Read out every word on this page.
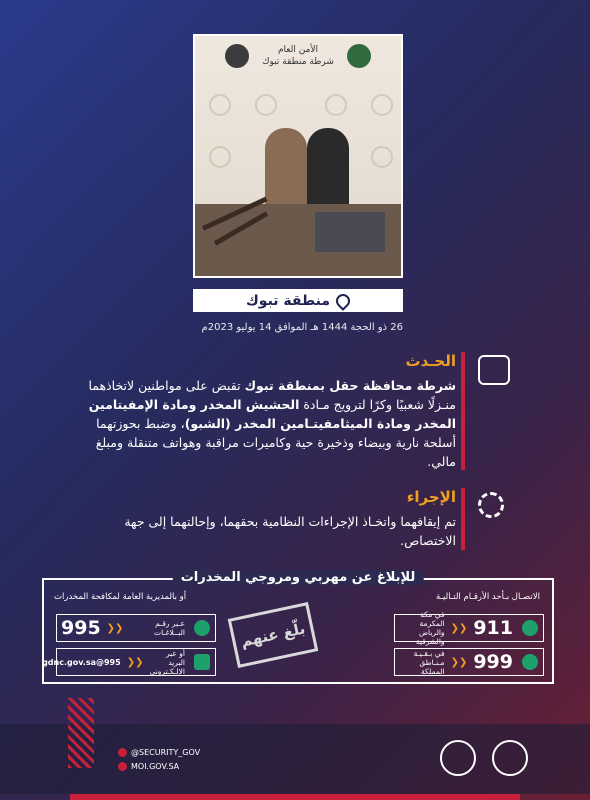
الأمن العام
شرطة منطقة تبوك
منطقة تبوك
26 ذو الحجة 1444 هـ الموافق 14 يوليو 2023م
الحـدث
شرطة محافظة حقل بمنطقة تبوك تقبض على مواطنين لاتخاذهما منـزلًا شعبيًا وكرًا لترويج مـادة الحشيش المخدر ومادة الإمفيتامين المخدر ومادة الميثامفيتـامين المخدر (الشبو)، وضبط بحوزتهما أسلحة نارية وبيضاء وذخيرة حية وكاميرات مراقبة وهواتف متنقلة ومبلغ مالي.
الإجراء
تم إيقافهما واتخـاذ الإجراءات النظامية بحقهما، وإحالتهما إلى جهة الاختصاص.
للإبلاغ عن مهربي ومروجي المخدرات
الاتصـال بـأحد الأرقـام التـاليـة
أو بالمديرية العامة لمكافحة المخدرات
911
❮❮
في مكة المكرمة والرياض والشرقية
999
❮❮
في بـقـيـة مـنـاطق المملكة
عـبر رقـم البــلاغـات
❮❮
995
أو عبر البريد الإلـكـتروني
❮❮
995@gdnc.gov.sa
بلّغ عنهم
@SECURITY_GOV
MOI.GOV.SA
